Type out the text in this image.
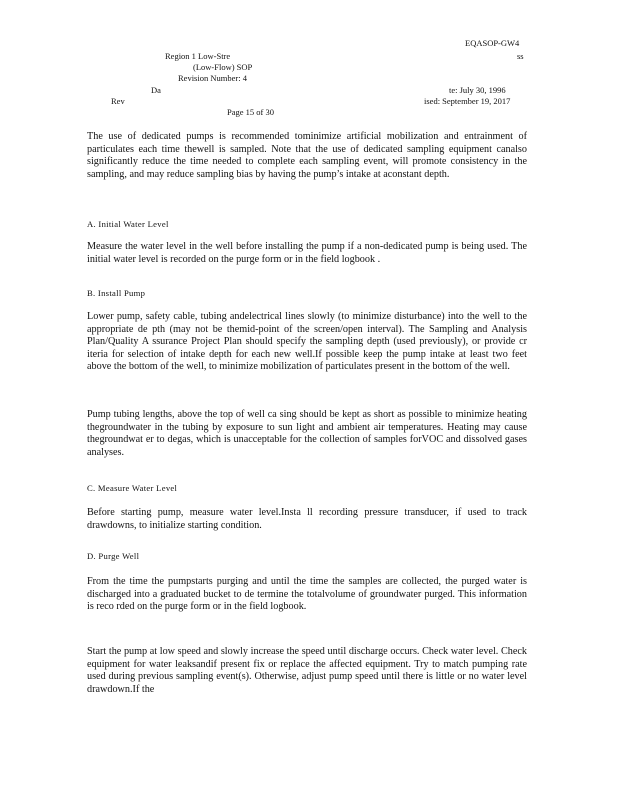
EQASOP-GW4
Region 1 Low-Stre	ss
(Low-Flow) SOP
Revision Number: 4
Da	te: July 30, 1996
Rev	ised: September 19, 2017
Page 15 of 30

The use of dedicated pumps is recommended tominimize artificial mobilization and entrainment of particulates each time thewell is sampled. Note that the use of dedicated sampling equipment canalso significantly reduce the time needed to complete each sampling event, will promote consistency in the sampling, and may reduce sampling bias by having the pump’s intake at aconstant depth.

A. Initial Water Level

Measure the water level in the well before installing the pump if a non-dedicated pump is being used. The initial water level is recorded on the purge form or in the field logbook .

B. Install Pump

Lower pump, safety cable, tubing andelectrical lines slowly (to minimize disturbance) into the well to the appropriate de pth (may not be themid-point of the screen/open interval). The Sampling and Analysis Plan/Quality A ssurance Project Plan should specify the sampling depth (used previously), or provide cr iteria for selection of intake depth for each new well.If possible keep the pump intake at least two feet above the bottom of the well, to minimize mobilization of particulates present in the bottom of the well.

Pump tubing lengths, above the top of well ca sing should be kept as short as possible to minimize heating thegroundwater in the tubing by exposure to sun light and ambient air temperatures. Heating may cause thegroundwat er to degas, which is unacceptable for the collection of samples forVOC and dissolved gases analyses.

C. Measure Water Level

Before starting pump, measure water level.Insta ll recording pressure transducer, if used to track drawdowns, to initialize starting condition.

D. Purge Well

From the time the pumpstarts purging and until the time the samples are collected, the purged water is discharged into a graduated bucket to de termine the totalvolume of groundwater purged. This information is reco rded on the purge form or in the field logbook.

Start the pump at low speed and slowly increase the speed until discharge occurs. Check water level. Check equipment for water leaksandif present fix or replace the affected equipment. Try to match pumping rate used during previous sampling event(s). Otherwise, adjust pump speed until there is little or no water level drawdown.If the
